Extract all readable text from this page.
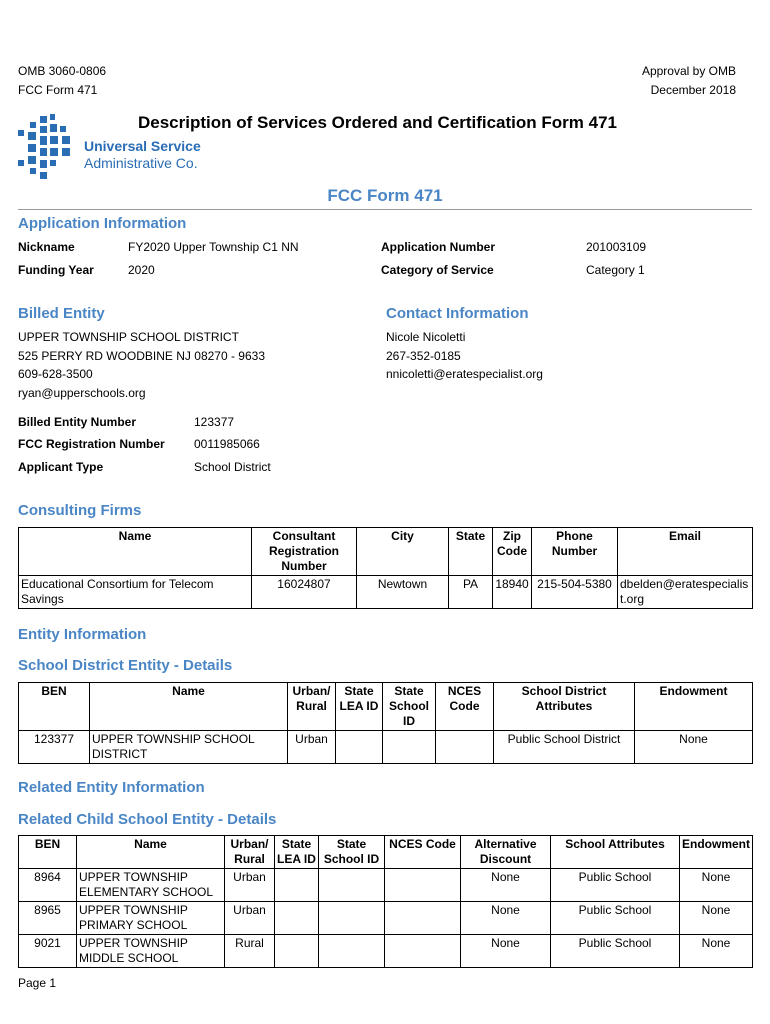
OMB 3060-0806
FCC Form 471
Approval by OMB
December 2018
Universal Service
Administrative Co.
Description of Services Ordered and Certification Form 471
FCC Form 471
Application Information
Nickname	FY2020 Upper Township C1 NN
Funding Year	2020
Application Number	201003109
Category of Service	Category 1
Billed Entity
UPPER TOWNSHIP SCHOOL DISTRICT
525 PERRY RD WOODBINE NJ 08270 - 9633
609-628-3500
ryan@upperschools.org
Billed Entity Number	123377
FCC Registration Number 0011985066
Applicant Type	School District
Contact Information
Nicole Nicoletti
267-352-0185
nnicoletti@eratespecialist.org
Consulting Firms
Name	Consultant Registration Number	City	State	Zip Code	Phone Number	Email
Educational Consortium for Telecom Savings	16024807	Newtown	PA	18940	215-504-5380	dbelden@eratespecialist.org
Entity Information
School District Entity - Details
BEN	Name	Urban/ Rural	State LEA ID	State School ID	NCES Code	School District Attributes	Endowment
123377	UPPER TOWNSHIP SCHOOL DISTRICT	Urban				Public School District	None
Related Entity Information
Related Child School Entity - Details
BEN	Name	Urban/ Rural	State LEA ID	State School ID	NCES Code	Alternative Discount	School Attributes	Endowment
8964	UPPER TOWNSHIP ELEMENTARY SCHOOL	Urban				None	Public School	None
8965	UPPER TOWNSHIP PRIMARY SCHOOL	Urban				None	Public School	None
9021	UPPER TOWNSHIP MIDDLE SCHOOL	Rural				None	Public School	None
Page 1
